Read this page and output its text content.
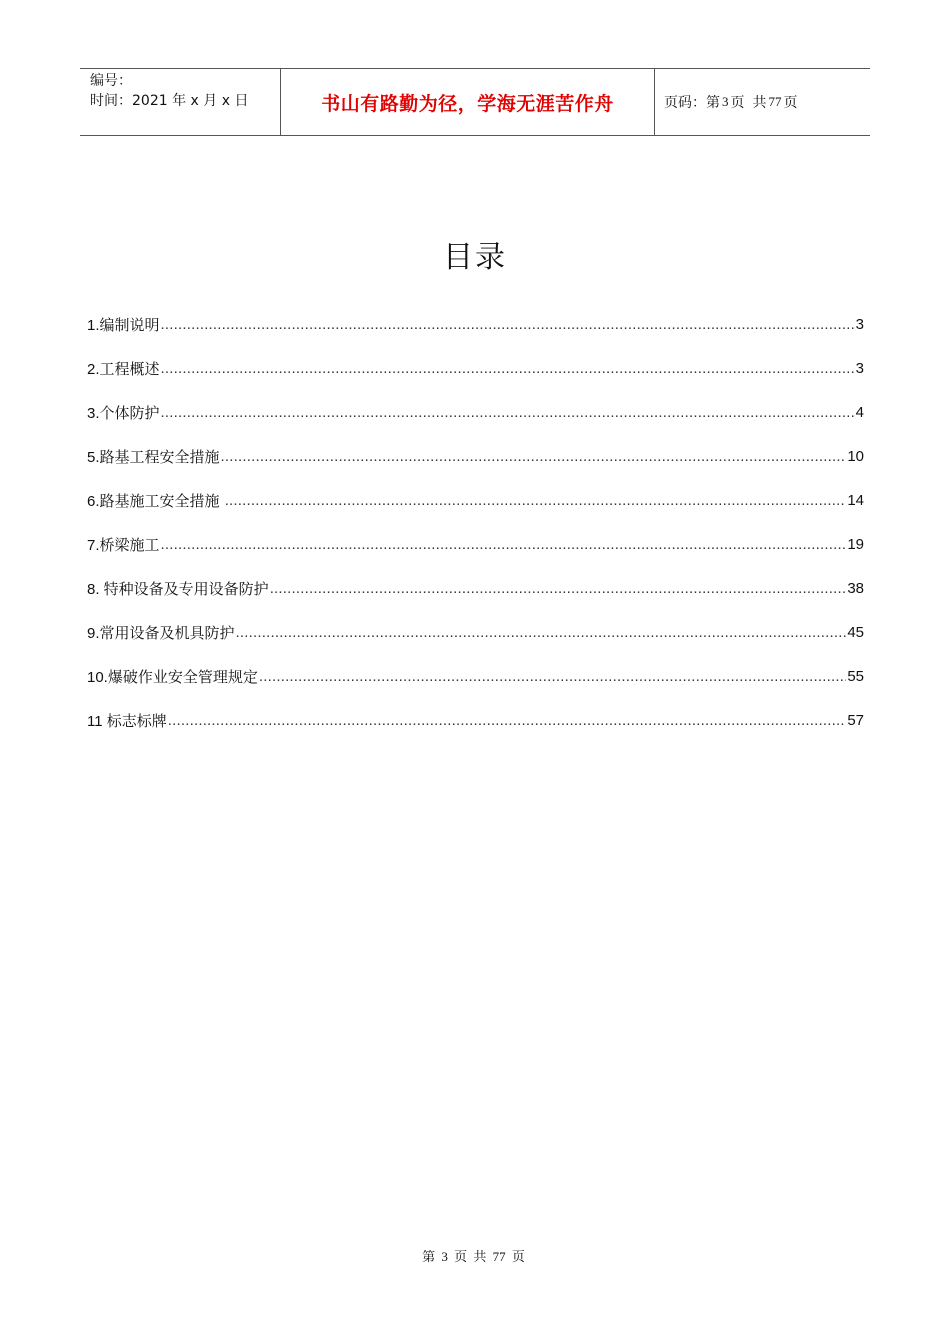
编号：
时间：2021 年 x 月 x 日	书山有路勤为径，学海无涯苦作舟	页码：第 3 页 共 77 页
目录
1.编制说明 .....	3
2.工程概述 .....	3
3.个体防护 .....	4
5.路基工程安全措施 .....	10
6.路基施工安全措施 .....	14
7.桥梁施工 .....	19
8. 特种设备及专用设备防护 .....	38
9.常用设备及机具防护 .....	45
10.爆破作业安全管理规定 .....	55
11 标志标牌 .....	57
第 3 页 共 77 页
